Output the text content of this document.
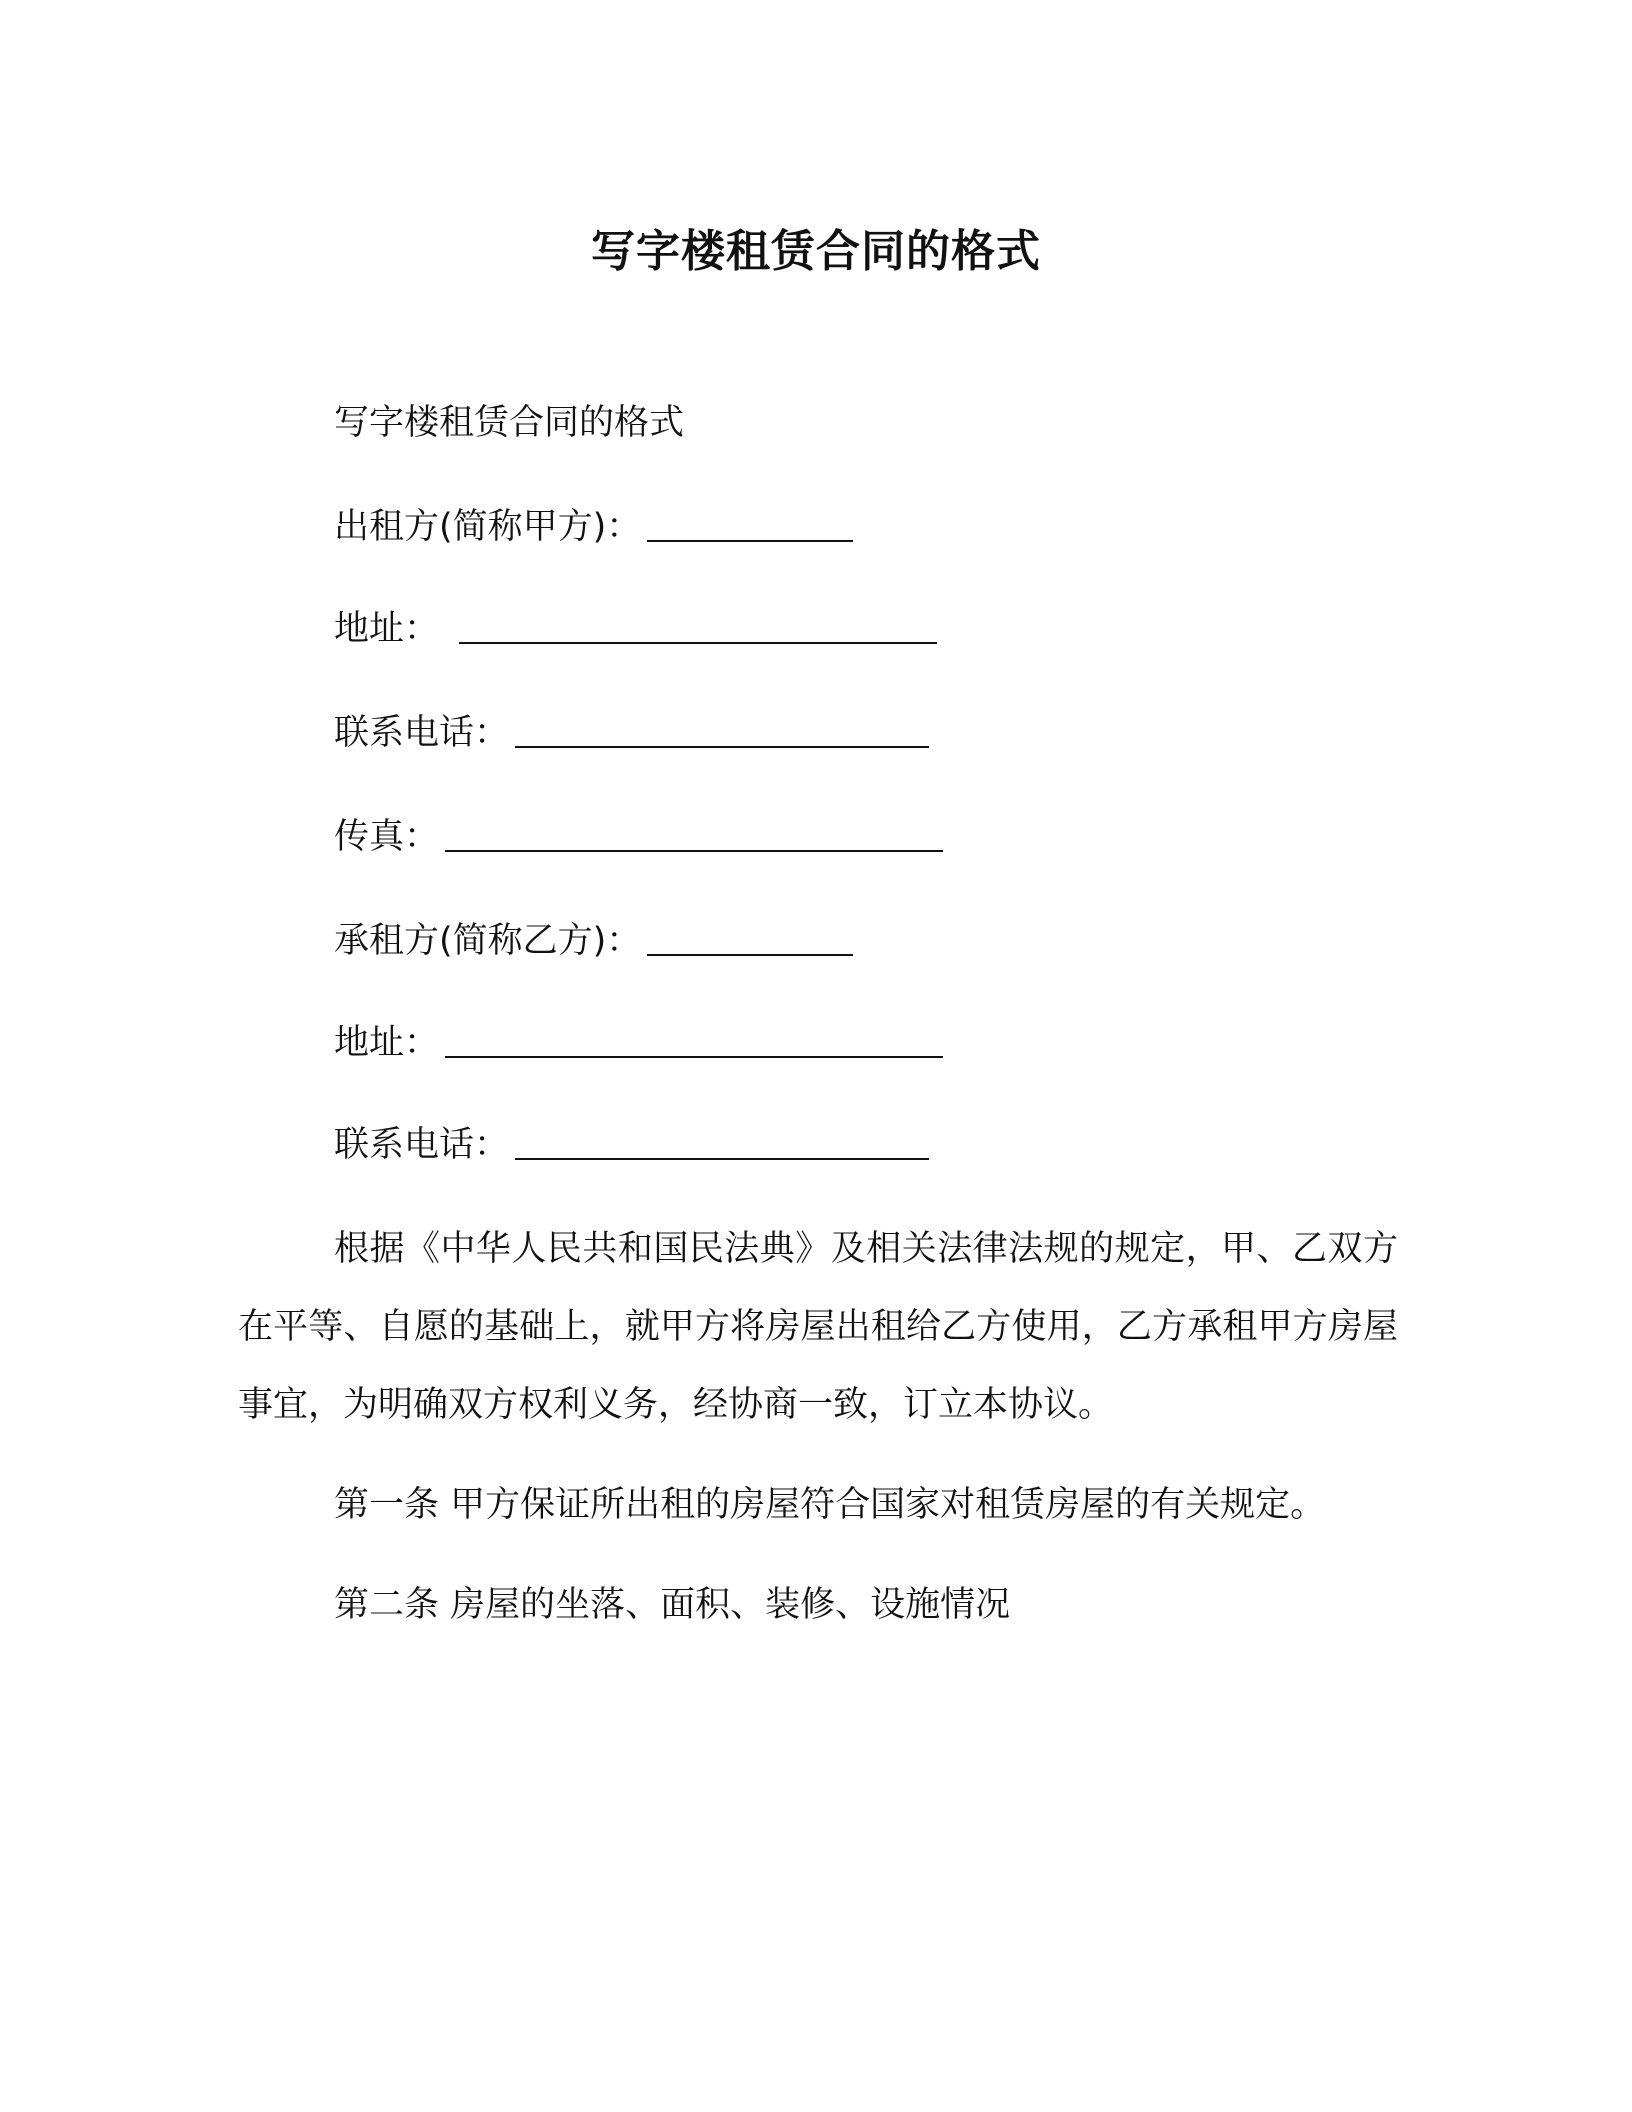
写字楼租赁合同的格式
写字楼租赁合同的格式
出租方(简称甲方)：
地址：
联系电话：
传真：
承租方(简称乙方)：
地址：
联系电话：
根据《中华人民共和国民法典》及相关法律法规的规定，甲、乙双方在平等、自愿的基础上，就甲方将房屋出租给乙方使用，乙方承租甲方房屋事宜，为明确双方权利义务，经协商一致，订立本协议。
第一条 甲方保证所出租的房屋符合国家对租赁房屋的有关规定。
第二条 房屋的坐落、面积、装修、设施情况
